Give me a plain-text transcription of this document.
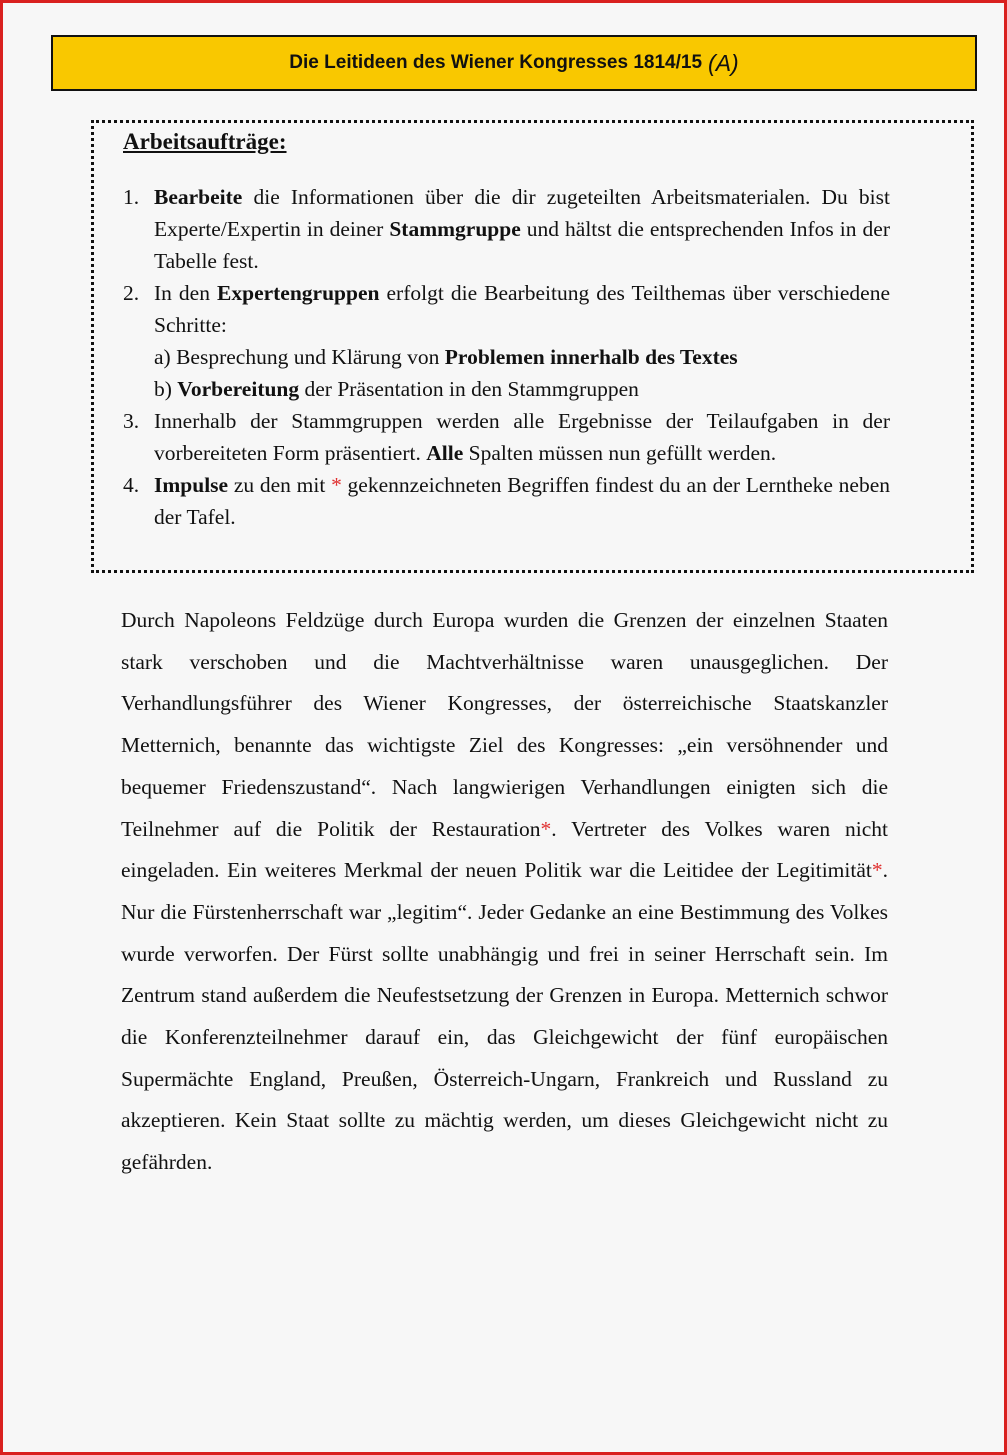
Die Leitideen des Wiener Kongresses 1814/15 (A)
Arbeitsaufträge:
1. Bearbeite die Informationen über die dir zugeteilten Arbeitsmaterialen. Du bist Experte/Expertin in deiner Stammgruppe und hältst die entsprechenden Infos in der Tabelle fest.
2. In den Expertengruppen erfolgt die Bearbeitung des Teilthemas über verschiedene Schritte:
a) Besprechung und Klärung von Problemen innerhalb des Textes
b) Vorbereitung der Präsentation in den Stammgruppen
3. Innerhalb der Stammgruppen werden alle Ergebnisse der Teilaufgaben in der vorbereiteten Form präsentiert. Alle Spalten müssen nun gefüllt werden.
4. Impulse zu den mit * gekennzeichneten Begriffen findest du an der Lerntheke neben der Tafel.

Durch Napoleons Feldzüge durch Europa wurden die Grenzen der einzelnen Staaten stark verschoben und die Machtverhältnisse waren unausgeglichen. Der Verhandlungsführer des Wiener Kongresses, der österreichische Staatskanzler Metternich, benannte das wichtigste Ziel des Kongresses: „ein versöhnender und bequemer Friedenszustand“. Nach langwierigen Verhandlungen einigten sich die Teilnehmer auf die Politik der Restauration*. Vertreter des Volkes waren nicht eingeladen. Ein weiteres Merkmal der neuen Politik war die Leitidee der Legitimität*. Nur die Fürstenherrschaft war „legitim“. Jeder Gedanke an eine Bestimmung des Volkes wurde verworfen. Der Fürst sollte unabhängig und frei in seiner Herrschaft sein. Im Zentrum stand außerdem die Neufestsetzung der Grenzen in Europa. Metternich schwor die Konferenzteilnehmer darauf ein, das Gleichgewicht der fünf europäischen Supermächte England, Preußen, Österreich-Ungarn, Frankreich und Russland zu akzeptieren. Kein Staat sollte zu mächtig werden, um dieses Gleichgewicht nicht zu gefährden.
